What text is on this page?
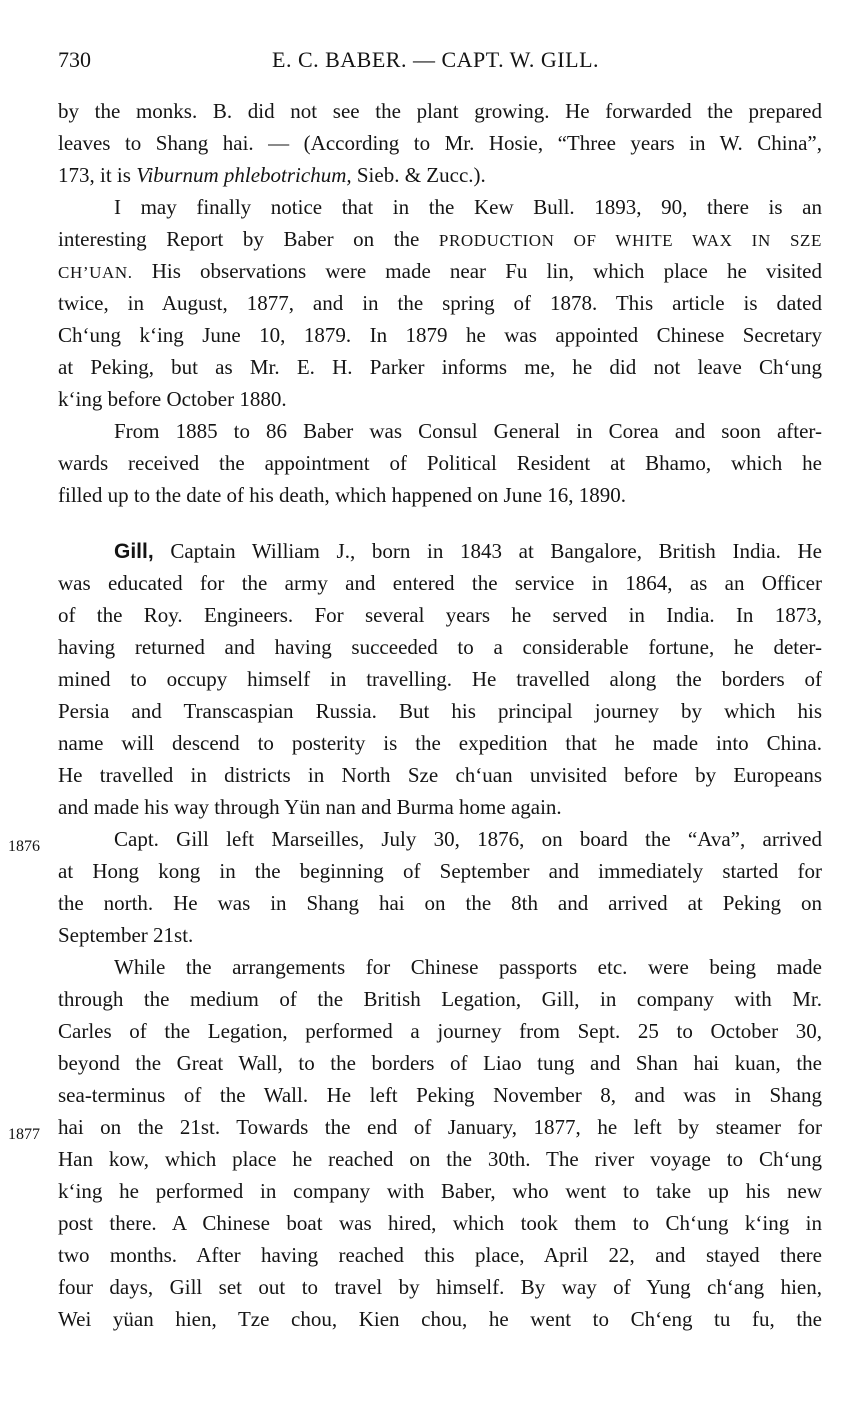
730	E. C. BABER. — CAPT. W. GILL.
1876
1877
by the monks. B. did not see the plant growing. He forwarded the prepared
leaves to Shang hai. — (According to Mr. Hosie, “Three years in W. China”,
173, it is Viburnum phlebotrichum, Sieb. & Zucc.).
I may finally notice that in the Kew Bull. 1893, 90, there is an
interesting Report by Baber on the PRODUCTION OF WHITE WAX IN SZE
CH’UAN. His observations were made near Fu lin, which place he visited
twice, in August, 1877, and in the spring of 1878. This article is dated
Chʻung kʻing June 10, 1879. In 1879 he was appointed Chinese Secretary
at Peking, but as Mr. E. H. Parker informs me, he did not leave Chʻung
kʻing before October 1880.
From 1885 to 86 Baber was Consul General in Corea and soon after-
wards received the appointment of Political Resident at Bhamo, which he
filled up to the date of his death, which happened on June 16, 1890.
Gill, Captain William J., born in 1843 at Bangalore, British India. He
was educated for the army and entered the service in 1864, as an Officer
of the Roy. Engineers. For several years he served in India. In 1873,
having returned and having succeeded to a considerable fortune, he deter-
mined to occupy himself in travelling. He travelled along the borders of
Persia and Transcaspian Russia. But his principal journey by which his
name will descend to posterity is the expedition that he made into China.
He travelled in districts in North Sze chʻuan unvisited before by Europeans
and made his way through Yün nan and Burma home again.
Capt. Gill left Marseilles, July 30, 1876, on board the “Ava”, arrived
at Hong kong in the beginning of September and immediately started for
the north. He was in Shang hai on the 8th and arrived at Peking on
September 21st.
While the arrangements for Chinese passports etc. were being made
through the medium of the British Legation, Gill, in company with Mr.
Carles of the Legation, performed a journey from Sept. 25 to October 30,
beyond the Great Wall, to the borders of Liao tung and Shan hai kuan, the
sea-terminus of the Wall. He left Peking November 8, and was in Shang
hai on the 21st. Towards the end of January, 1877, he left by steamer for
Han kow, which place he reached on the 30th. The river voyage to Chʻung
kʻing he performed in company with Baber, who went to take up his new
post there. A Chinese boat was hired, which took them to Chʻung kʻing in
two months. After having reached this place, April 22, and stayed there
four days, Gill set out to travel by himself. By way of Yung chʻang hien,
Wei yüan hien, Tze chou, Kien chou, he went to Chʻeng tu fu, the
